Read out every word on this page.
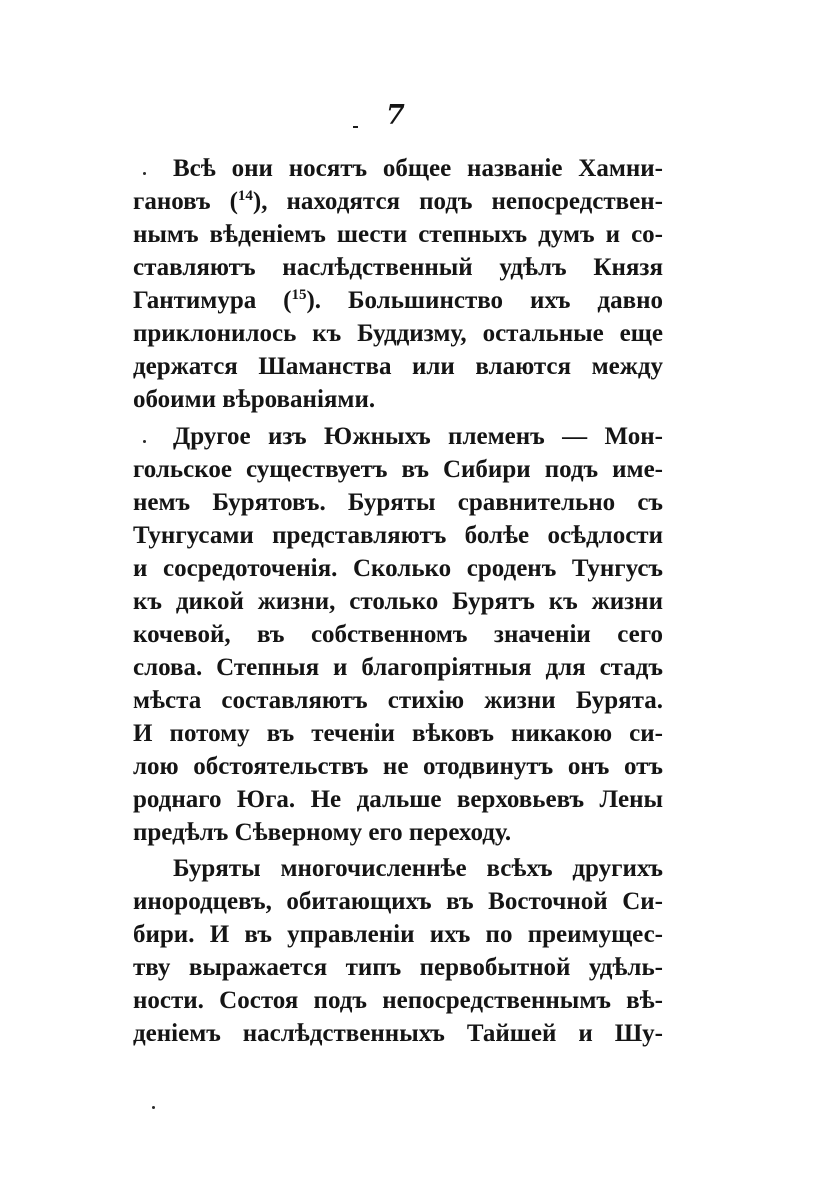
7
Всѣ они носятъ общее названіе Хамни-
гановъ ($^{14}$), находятся подъ непосредствен-
нымъ вѣденіемъ шести степныхъ думъ и со-
ставляютъ наслѣдственный удѣлъ Князя
Гантимура ($^{15}$). Большинство ихъ давно
приклонилось къ Буддизму, остальные еще
держатся Шаманства или влаются между
обоими вѣрованіями.
Другое изъ Южныхъ племенъ — Мон-
гольское существуетъ въ Сибири подъ име-
немъ Бурятовъ. Буряты сравнительно съ
Тунгусами представляютъ болѣе осѣдлости
и сосредоточенія. Сколько сроденъ Тунгусъ
къ дикой жизни, столько Бурятъ къ жизни
кочевой, въ собственномъ значеніи сего
слова. Степныя и благопріятныя для стадъ
мѣста составляютъ стихію жизни Бурята.
И потому въ теченіи вѣковъ никакою си-
лою обстоятельствъ не отодвинутъ онъ отъ
роднаго Юга. Не дальше верховьевъ Лены
предѣлъ Сѣверному его переходу.
Буряты многочисленнѣе всѣхъ другихъ
инородцевъ, обитающихъ въ Восточной Си-
бири. И въ управленіи ихъ по преимущес-
тву выражается типъ первобытной удѣль-
ности. Состоя подъ непосредственнымъ вѣ-
деніемъ наслѣдственныхъ Тайшей и Шу-
